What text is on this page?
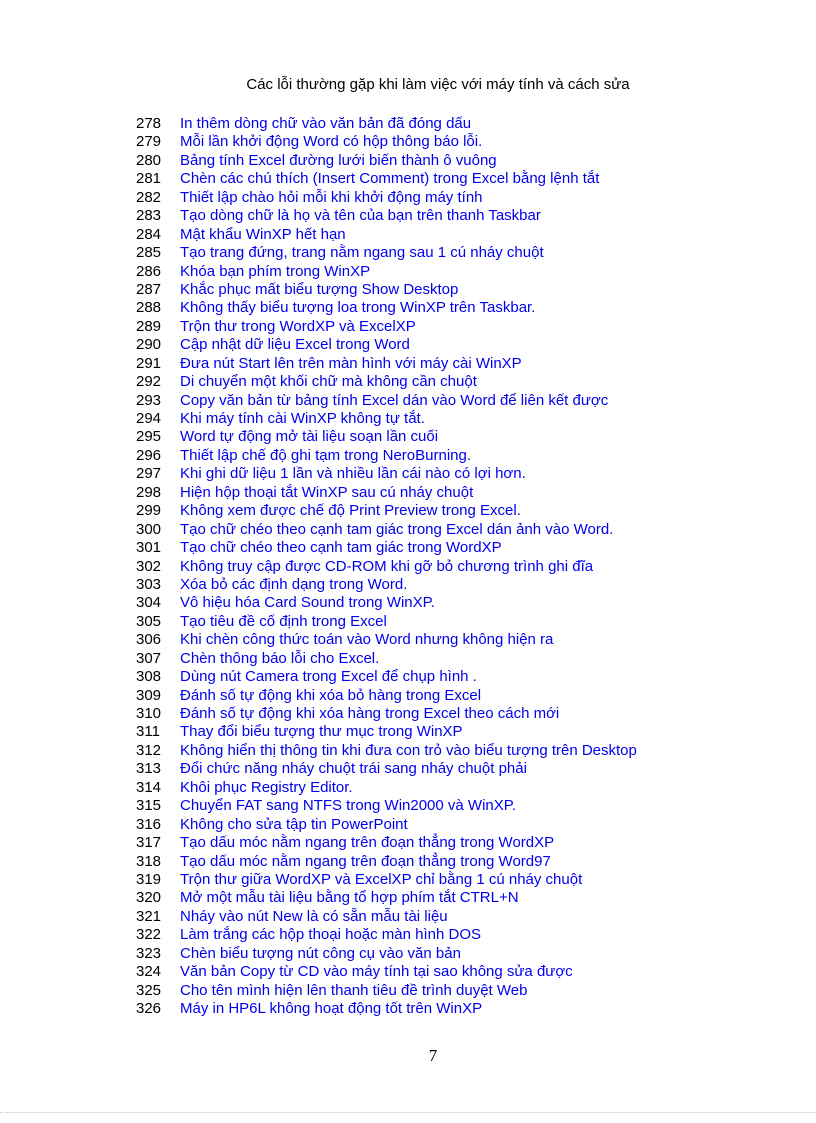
Các lỗi thường gặp khi làm việc với máy tính và cách sửa
278	In thêm dòng chữ vào văn bản đã đóng dấu
279	Mỗi lần khởi động Word có hộp thông báo lỗi.
280	Bảng tính Excel đường lưới biến thành ô vuông
281	Chèn các chú thích (Insert Comment) trong Excel bằng lệnh tắt
282	Thiết lập chào hỏi mỗi khi khởi động máy tính
283	Tạo dòng chữ là họ và tên của bạn trên thanh Taskbar
284	Mật khẩu WinXP hết hạn
285	Tạo trang đứng, trang nằm ngang sau 1 cú nháy chuột
286	Khóa bạn phím trong WinXP
287	Khắc phục mất biểu tượng Show Desktop
288	Không thấy biểu tượng loa trong WinXP trên Taskbar.
289	Trộn thư trong WordXP và ExcelXP
290	Cập nhật dữ liệu Excel trong Word
291	Đưa nút Start lên trên màn hình với máy cài WinXP
292	Di chuyển một khối chữ mà không cần chuột
293	Copy văn bản từ bảng tính Excel dán vào Word để liên kết được
294	Khi máy tính cài WinXP không tự tắt.
295	Word tự động mở tài liệu soạn lần cuối
296	Thiết lập chế độ ghi tạm trong NeroBurning.
297	Khi ghi dữ liệu 1 lần và nhiều lần cái nào có lợi hơn.
298	Hiện hộp thoại tắt WinXP sau cú nháy chuột
299	Không xem được chế độ Print Preview trong Excel.
300	Tạo chữ chéo theo cạnh tam giác trong Excel dán ảnh vào Word.
301	Tạo chữ chéo theo cạnh tam giác trong WordXP
302	Không truy cập được CD-ROM khi gỡ bỏ chương trình ghi đĩa
303	Xóa bỏ các định dạng trong Word.
304	Vô hiệu hóa Card Sound trong WinXP.
305	Tạo tiêu đề cố định trong Excel
306	Khi chèn công thức toán vào Word nhưng không hiện ra
307	Chèn thông báo lỗi cho Excel.
308	Dùng nút Camera trong Excel để chụp hình .
309	Đánh số tự động khi xóa bỏ hàng trong Excel
310	Đánh số tự động khi xóa hàng trong Excel theo cách mới
311	Thay đổi biểu tượng thư mục trong WinXP
312	Không hiển thị thông tin khi đưa con trỏ vào biểu tượng trên Desktop
313	Đổi chức năng nháy chuột trái sang nháy chuột phải
314	Khôi phục Registry Editor.
315	Chuyển FAT sang NTFS trong Win2000 và WinXP.
316	Không cho sửa tập tin PowerPoint
317	Tạo dấu móc nằm ngang trên đoạn thẳng trong WordXP
318	Tạo dấu móc nằm ngang trên đoạn thẳng trong Word97
319	Trộn thư giữa WordXP và ExcelXP chỉ bằng 1 cú nháy chuột
320	Mở một mẫu tài liệu bằng tổ hợp phím tắt CTRL+N
321	Nháy vào nút New là có sẵn mẫu tài liệu
322	Làm trắng các hộp thoại hoặc màn hình DOS
323	Chèn biểu tượng nút công cụ vào văn bản
324	Văn bản Copy từ CD vào máy tính tại sao không sửa được
325	Cho tên mình hiện lên thanh tiêu đề trình duyệt Web
326	Máy in HP6L không hoạt động tốt trên WinXP
7
